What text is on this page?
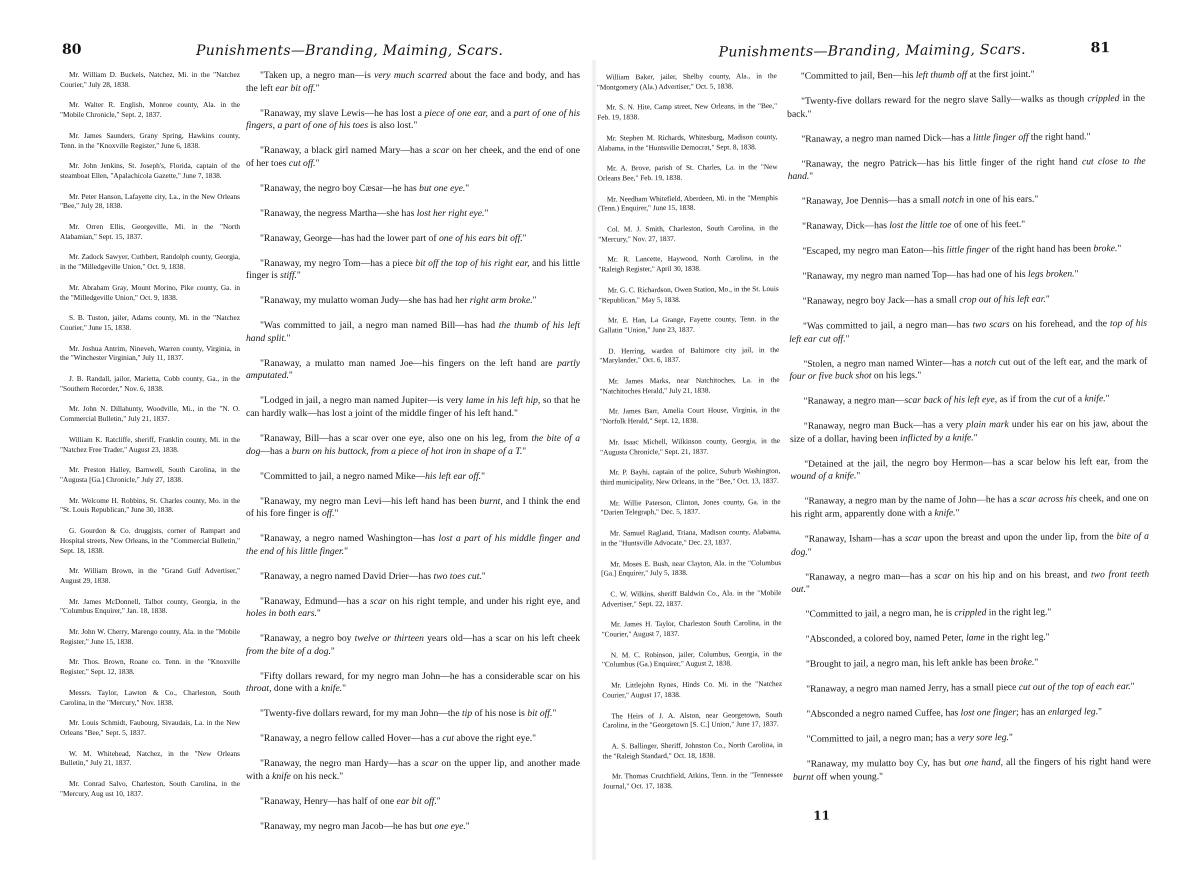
80	Punishments—Branding, Maiming, Scars.

Mr. William D. Buckels, Natchez, Mi. in the "Natchez Courier," July 28, 1838.

Mr. Walter R. English, Monroe county, Ala. in the "Mobile Chronicle," Sept. 2, 1837.

Mr. James Saunders, Grany Spring, Hawkins county, Tenn. in the "Knoxville Register," June 6, 1838.

Mr. John Jenkins, St. Joseph's, Florida, captain of the steamboat Ellen, "Apalachicola Gazette," June 7, 1838.

Mr. Peter Hanson, Lafayette city, La., in the New Orleans "Bee," July 28, 1838.

Mr. Orren Ellis, Georgeville, Mi. in the "North Alabamian," Sept. 15, 1837.

Mr. Zadock Sawyer, Cuthbert, Randolph county, Georgia, in the "Milledgeville Union," Oct. 9, 1838.

Mr. Abraham Gray, Mount Morino, Pike county, Ga. in the "Milledgeville Union," Oct. 9, 1838.

S. B. Tuston, jailer, Adams county, Mi. in the "Natchez Courier," June 15, 1838.

Mr. Joshua Antrim, Nineveh, Warren county, Virginia, in the "Winchester Virginian," July 11, 1837.

J. B. Randall, jailor, Marietta, Cobb county, Ga., in the "Southern Recorder," Nov. 6, 1838.

Mr. John N. Dillahunty, Woodville, Mi., in the "N. O. Commercial Bulletin," July 21, 1837.

William K. Ratcliffe, sheriff, Franklin county, Mi. in the "Natchez Free Trader," August 23, 1838.

Mr. Preston Halley, Barnwell, South Carolina, in the "Augusta [Ga.] Chronicle," July 27, 1838.

Mr. Welcome H. Robbins, St. Charles county, Mo. in the "St. Louis Republican," June 30, 1838.

G. Gourdon & Co. druggists, corner of Rampart and Hospital streets, New Orleans, in the "Commercial Bulletin," Sept. 18, 1838.

Mr. William Brown, in the "Grand Gulf Advertiser," August 29, 1838.

Mr. James McDonnell, Talbot county, Georgia, in the "Columbus Enquirer," Jan. 18, 1838.

Mr. John W. Cherry, Marengo county, Ala. in the "Mobile Register," June 15, 1838.

Mr. Thos. Brown, Roane co. Tenn. in the "Knoxville Register," Sept. 12, 1838.

Messrs. Taylor, Lawton & Co., Charleston, South Carolina, in the "Mercury," Nov. 1838.

Mr. Louis Schmidt, Faubourg, Sivaudais, La. in the New Orleans "Bee," Sept. 5, 1837.

W. M. Whitehead, Natchez, in the "New Orleans Bulletin," July 21, 1837.

Mr. Conrad Salvo, Charleston, South Carolina, in the "Mercury, Aug ust 10, 1837.

"Taken up, a negro man—is very much scarred about the face and body, and has the left ear bit off."

"Ranaway, my slave Lewis—he has lost a piece of one ear, and a part of one of his fingers, a part of one of his toes is also lost."

"Ranaway, a black girl named Mary—has a scar on her cheek, and the end of one of her toes cut off."

"Ranaway, the negro boy Cæsar—he has but one eye."

"Ranaway, the negress Martha—she has lost her right eye."

"Ranaway, George—has had the lower part of one of his ears bit off."

"Ranaway, my negro Tom—has a piece bit off the top of his right ear, and his little finger is stiff."

"Ranaway, my mulatto woman Judy—she has had her right arm broke."

"Was committed to jail, a negro man named Bill—has had the thumb of his left hand split."

"Ranaway, a mulatto man named Joe—his fingers on the left hand are partly amputated."

"Lodged in jail, a negro man named Jupiter—is very lame in his left hip, so that he can hardly walk—has lost a joint of the middle finger of his left hand."

"Ranaway, Bill—has a scar over one eye, also one on his leg, from the bite of a dog—has a burn on his buttock, from a piece of hot iron in shape of a T."

"Committed to jail, a negro named Mike—his left ear off."

"Ranaway, my negro man Levi—his left hand has been burnt, and I think the end of his fore finger is off."

"Ranaway, a negro named Washington—has lost a part of his middle finger and the end of his little finger."

"Ranaway, a negro named David Drier—has two toes cut."

"Ranaway, Edmund—has a scar on his right temple, and under his right eye, and holes in both ears."

"Ranaway, a negro boy twelve or thirteen years old—has a scar on his left cheek from the bite of a dog."

"Fifty dollars reward, for my negro man John—he has a considerable scar on his throat, done with a knife."

"Twenty-five dollars reward, for my man John—the tip of his nose is bit off."

"Ranaway, a negro fellow called Hover—has a cut above the right eye."

"Ranaway, the negro man Hardy—has a scar on the upper lip, and another made with a knife on his neck."

"Ranaway, Henry—has half of one ear bit off."

"Ranaway, my negro man Jacob—he has but one eye."

Punishments—Branding, Maiming, Scars.	81

William Baker, jailer, Shelby county, Ala., in the "Montgomery (Ala.) Advertiser," Oct. 5, 1838.

Mr. S. N. Hite, Camp street, New Orleans, in the "Bee," Feb. 19, 1838.

Mr. Stephen M. Richards, Whitesburg, Madison county, Alabama, in the "Huntsville Democrat," Sept. 8, 1838.

Mr. A. Brove, parish of St. Charles, La. in the "New Orleans Bee," Feb. 19, 1838.

Mr. Needham Whitefield, Aberdeen, Mi. in the "Memphis (Tenn.) Enquirer," June 15, 1838.

Col. M. J. Smith, Charleston, South Carolina, in the "Mercury," Nov. 27, 1837.

Mr. R. Lancette, Haywood, North Carolina, in the "Raleigh Register," April 30, 1838.

Mr. G. C. Richardson, Owen Station, Mo., in the St. Louis "Republican," May 5, 1838.

Mr. E. Han, La Grange, Fayette county, Tenn. in the Gallatin "Union," June 23, 1837.

D. Herring, warden of Baltimore city jail, in the "Marylander," Oct. 6, 1837.

Mr. James Marks, near Natchitoches, La. in the "Natchitoches Herald," July 21, 1838.

Mr. James Barr, Amelia Court House, Virginia, in the "Norfolk Herald," Sept. 12, 1838.

Mr. Isaac Michell, Wilkinson county, Georgia, in the "Augusta Chronicle," Sept. 21, 1837.

Mr. P. Bayhi, captain of the police, Suburb Washington, third municipality, New Orleans, in the "Bee," Oct. 13, 1837.

Mr. Willie Paterson, Clinton, Jones county, Ga. in the "Darien Telegraph," Dec. 5, 1837.

Mr. Samuel Ragland, Triana, Madison county, Alabama, in the "Huntsville Advocate," Dec. 23, 1837.

Mr. Moses E. Bush, near Clayton, Ala. in the "Columbus [Ga.] Enquirer," July 5, 1838.

C. W. Wilkins, sheriff Baldwin Co., Ala. in the "Mobile Advertiser," Sept. 22, 1837.

Mr. James H. Taylor, Charleston South Carolina, in the "Courier," August 7, 1837.

N. M. C. Robinson, jailer, Columbus, Georgia, in the "Columbus (Ga.) Enquirer," August 2, 1838.

Mr. Littlejohn Rynes, Hinds Co. Mi. in the "Natchez Courier," August 17, 1838.

The Heirs of J. A. Alston, near Georgetown, South Carolina, in the "Georgetown [S. C.] Union," June 17, 1837.

A. S. Ballinger, Sheriff, Johnston Co., North Carolina, in the "Raleigh Standard," Oct. 18, 1838.

Mr. Thomas Crutchfield, Atkins, Tenn. in the "Tennessee Journal," Oct. 17, 1838.

"Committed to jail, Ben—his left thumb off at the first joint."

"Twenty-five dollars reward for the negro slave Sally—walks as though crippled in the back."

"Ranaway, a negro man named Dick—has a little finger off the right hand."

"Ranaway, the negro Patrick—has his little finger of the right hand cut close to the hand."

"Ranaway, Joe Dennis—has a small notch in one of his ears."

"Ranaway, Dick—has lost the little toe of one of his feet."

"Escaped, my negro man Eaton—his little finger of the right hand has been broke."

"Ranaway, my negro man named Top—has had one of his legs broken."

"Ranaway, negro boy Jack—has a small crop out of his left ear."

"Was committed to jail, a negro man—has two scars on his forehead, and the top of his left ear cut off."

"Stolen, a negro man named Winter—has a notch cut out of the left ear, and the mark of four or five buck shot on his legs."

"Ranaway, a negro man—scar back of his left eye, as if from the cut of a knife."

"Ranaway, negro man Buck—has a very plain mark under his ear on his jaw, about the size of a dollar, having been inflicted by a knife."

"Detained at the jail, the negro boy Hermon—has a scar below his left ear, from the wound of a knife."

"Ranaway, a negro man by the name of John—he has a scar across his cheek, and one on his right arm, apparently done with a knife."

"Ranaway, Isham—has a scar upon the breast and upon the under lip, from the bite of a dog."

"Ranaway, a negro man—has a scar on his hip and on his breast, and two front teeth out."

"Committed to jail, a negro man, he is crippled in the right leg."

"Absconded, a colored boy, named Peter, lame in the right leg."

"Brought to jail, a negro man, his left ankle has been broke."

"Ranaway, a negro man named Jerry, has a small piece cut out of the top of each ear."

"Absconded a negro named Cuffee, has lost one finger; has an enlarged leg."

"Committed to jail, a negro man; has a very sore leg."

"Ranaway, my mulatto boy Cy, has but one hand, all the fingers of his right hand were burnt off when young."

11
